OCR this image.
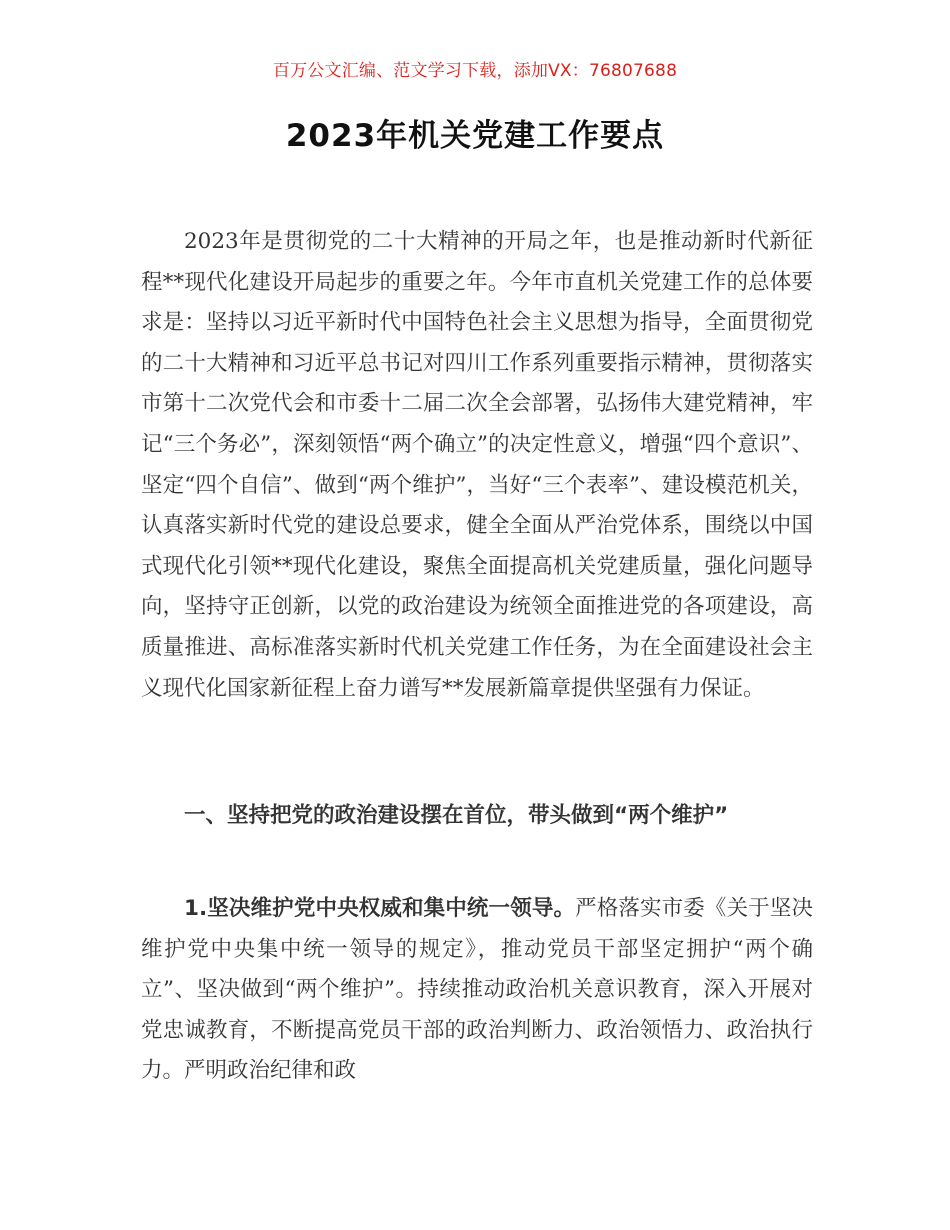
百万公文汇编、范文学习下载，添加VX：76807688
2023年机关党建工作要点

2023年是贯彻党的二十大精神的开局之年，也是推动新时代新征程**现代化建设开局起步的重要之年。今年市直机关党建工作的总体要求是：坚持以习近平新时代中国特色社会主义思想为指导，全面贯彻党的二十大精神和习近平总书记对四川工作系列重要指示精神，贯彻落实市第十二次党代会和市委十二届二次全会部署，弘扬伟大建党精神，牢记“三个务必”，深刻领悟“两个确立”的决定性意义，增强“四个意识”、坚定“四个自信”、做到“两个维护”，当好“三个表率”、建设模范机关，认真落实新时代党的建设总要求，健全全面从严治党体系，围绕以中国式现代化引领**现代化建设，聚焦全面提高机关党建质量，强化问题导向，坚持守正创新，以党的政治建设为统领全面推进党的各项建设，高质量推进、高标准落实新时代机关党建工作任务，为在全面建设社会主义现代化国家新征程上奋力谱写**发展新篇章提供坚强有力保证。

一、坚持把党的政治建设摆在首位，带头做到“两个维护”

1.坚决维护党中央权威和集中统一领导。严格落实市委《关于坚决维护党中央集中统一领导的规定》，推动党员干部坚定拥护“两个确立”、坚决做到“两个维护”。持续推动政治机关意识教育，深入开展对党忠诚教育，不断提高党员干部的政治判断力、政治领悟力、政治执行力。严明政治纪律和政
